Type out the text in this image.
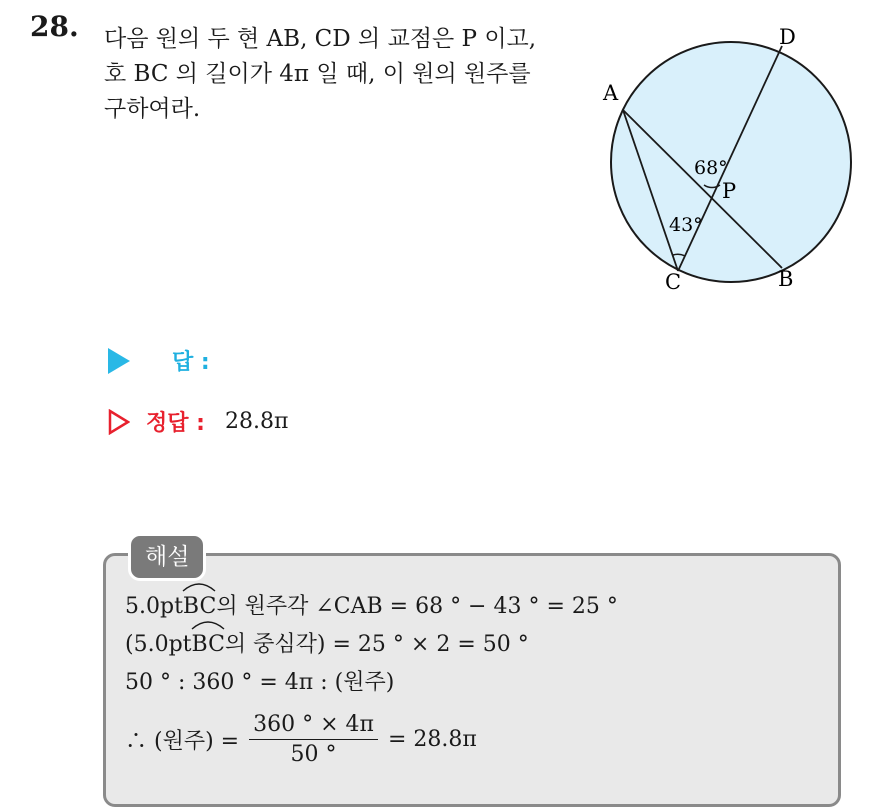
28. 다음 원의 두 현 AB, CD 의 교점은 P 이고,
호 BC 의 길이가 4π 일 때, 이 원의 원주를
구하여라.
A
D
C	B
P
68°
43°
답 :
정답 : 28.8π
해설
5.0pt
BC의 원주각 ∠CAB = 68 ° − 43 ° = 25 °
(5.0pt
BC의 중심각) = 25 ° × 2 = 50 °
50 ° : 360 ° = 4π : (원주)
∴ (원주) = $\frac{360 ^\circ \times 4\pi}{50 ^\circ} = 28.8\pi$
